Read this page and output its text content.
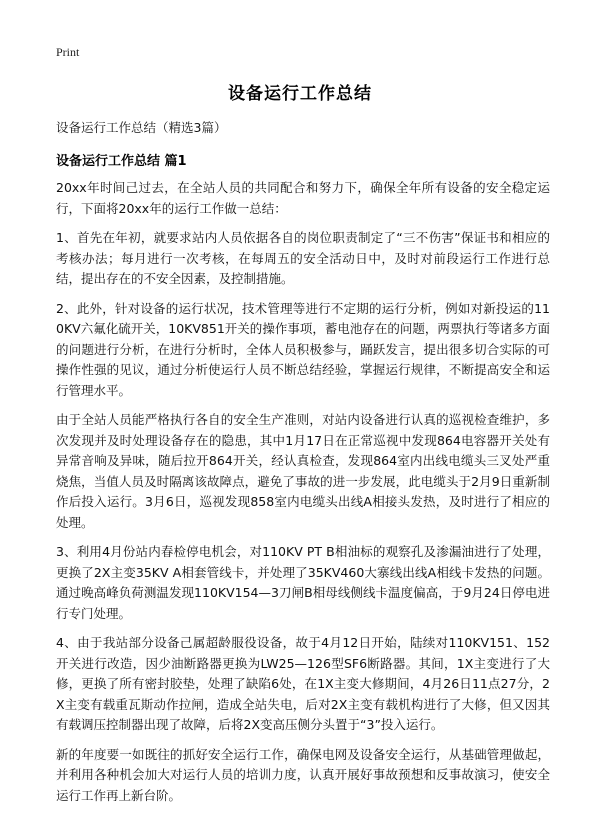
Print
设备运行工作总结
设备运行工作总结（精选3篇）
设备运行工作总结 篇1

20xx年时间己过去，在全站人员的共同配合和努力下，确保全年所有设备的安全稳定运行，下面将20xx年的运行工作做一总结：

1、首先在年初，就要求站内人员依据各自的岗位职责制定了“三不伤害”保证书和相应的考核办法；每月进行一次考核，在每周五的安全活动日中，及时对前段运行工作进行总结，提出存在的不安全因素，及控制措施。

2、此外，针对设备的运行状况，技术管理等进行不定期的运行分析，例如对新投运的110KV六氟化硫开关，10KV851开关的操作事项，蓄电池存在的问题，两票执行等诸多方面的问题进行分析，在进行分析时，全体人员积极参与，踊跃发言，提出很多切合实际的可操作性强的见议，通过分析使运行人员不断总结经验，掌握运行规律，不断提高安全和运行管理水平。

由于全站人员能严格执行各自的安全生产准则，对站内设备进行认真的巡视检查维护，多次发现并及时处理设备存在的隐患，其中1月17日在正常巡视中发现864电容器开关处有异常音响及异味，随后拉开864开关，经认真检查，发现864室内出线电缆头三叉处严重烧焦，当值人员及时隔离该故障点，避免了事故的进一步发展，此电缆头于2月9日重新制作后投入运行。3月6日，巡视发现858室内电缆头出线A相接头发热，及时进行了相应的处理。

3、利用4月份站内春检停电机会，对110KV PT B相油标的观察孔及渗漏油进行了处理，更换了2X主变35KV A相套管线卡，并处理了35KV460大寨线出线A相线卡发热的问题。通过晚高峰负荷测温发现110KV154—3刀闸B相母线侧线卡温度偏高，于9月24日停电进行专门处理。

4、由于我站部分设备己属超龄服役设备，故于4月12日开始，陆续对110KV151、152开关进行改造，因少油断路器更换为LW25—126型SF6断路器。其间，1X主变进行了大修，更换了所有密封胶垫，处理了缺陷6处，在1X主变大修期间，4月26日11点27分，2X主变有载重瓦斯动作拉闸，造成全站失电，后对2X主变有载机构进行了大修，但又因其有载调压控制器出现了故障，后将2X变高压侧分头置于“3”投入运行。

新的年度要一如既往的抓好安全运行工作，确保电网及设备安全运行，从基础管理做起，并利用各种机会加大对运行人员的培训力度，认真开展好事故预想和反事故演习，使安全运行工作再上新台阶。
